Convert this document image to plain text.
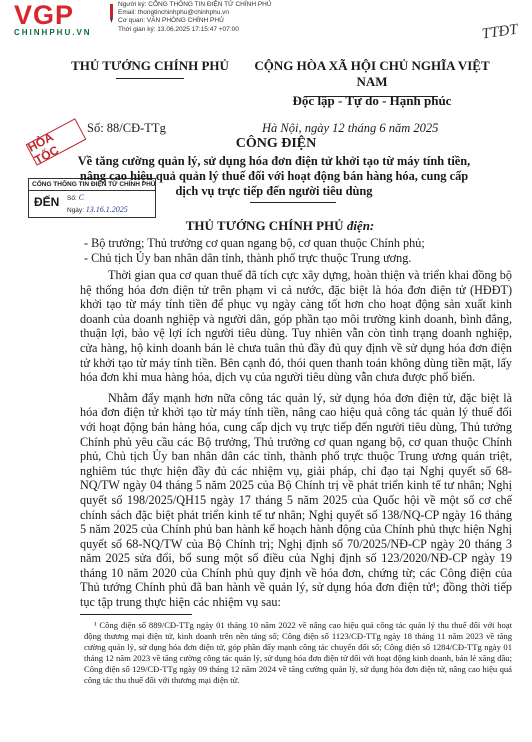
VGP
CHINHPHU.VN
Người ký: CỔNG THÔNG TIN ĐIỆN TỬ CHÍNH PHỦ
Email: thongtinchinhphu@chinhphu.vn
Cơ quan: VĂN PHÒNG CHÍNH PHỦ
Thời gian ký: 13.06.2025 17:15:47 +07:00	TTĐT
THỦ TƯỚNG CHÍNH PHỦ	CỘNG HÒA XÃ HỘI CHỦ NGHĨA VIỆT NAM
Độc lập - Tự do - Hạnh phúc
Số: 88/CĐ-TTg	Hà Nội, ngày 12 tháng 6 năm 2025
HỎA TỐC
CỔNG THÔNG TIN ĐIỆN TỬ CHÍNH PHỦ
ĐẾN Số: C
Ngày: 13.16.1.2025
CÔNG ĐIỆN
Về tăng cường quản lý, sử dụng hóa đơn điện tử khởi tạo từ máy tính tiền,
nâng cao hiệu quả quản lý thuế đối với hoạt động bán hàng hóa, cung cấp
dịch vụ trực tiếp đến người tiêu dùng
THỦ TƯỚNG CHÍNH PHỦ điện:
- Bộ trưởng; Thủ trưởng cơ quan ngang bộ, cơ quan thuộc Chính phủ;
- Chủ tịch Ủy ban nhân dân tỉnh, thành phố trực thuộc Trung ương.

Thời gian qua cơ quan thuế đã tích cực xây dựng, hoàn thiện và triển khai đồng bộ hệ thống hóa đơn điện tử trên phạm vi cả nước, đặc biệt là hóa đơn điện tử (HĐĐT) khởi tạo từ máy tính tiền để phục vụ ngày càng tốt hơn cho hoạt động sản xuất kinh doanh của doanh nghiệp và người dân, góp phần tạo môi trường kinh doanh, bình đẳng, thuận lợi, bảo vệ lợi ích người tiêu dùng. Tuy nhiên vẫn còn tình trạng doanh nghiệp, cửa hàng, hộ kinh doanh bán lẻ chưa tuân thủ đầy đủ quy định về sử dụng hóa đơn điện tử khởi tạo từ máy tính tiền. Bên cạnh đó, thói quen thanh toán không dùng tiền mặt, lấy hóa đơn khi mua hàng hóa, dịch vụ của người tiêu dùng vẫn chưa được phổ biến.

Nhằm đẩy mạnh hơn nữa công tác quản lý, sử dụng hóa đơn điện tử, đặc biệt là hóa đơn điện tử khởi tạo từ máy tính tiền, nâng cao hiệu quả công tác quản lý thuế đối với hoạt động bán hàng hóa, cung cấp dịch vụ trực tiếp đến người tiêu dùng, Thủ tướng Chính phủ yêu cầu các Bộ trưởng, Thủ trưởng cơ quan ngang bộ, cơ quan thuộc Chính phủ, Chủ tịch Ủy ban nhân dân các tỉnh, thành phố trực thuộc Trung ương quán triệt, nghiêm túc thực hiện đầy đủ các nhiệm vụ, giải pháp, chỉ đạo tại Nghị quyết số 68-NQ/TW ngày 04 tháng 5 năm 2025 của Bộ Chính trị về phát triển kinh tế tư nhân; Nghị quyết số 198/2025/QH15 ngày 17 tháng 5 năm 2025 của Quốc hội về một số cơ chế chính sách đặc biệt phát triển kinh tế tư nhân; Nghị quyết số 138/NQ-CP ngày 16 tháng 5 năm 2025 của Chính phủ ban hành kế hoạch hành động của Chính phủ thực hiện Nghị quyết số 68-NQ/TW của Bộ Chính trị; Nghị định số 70/2025/NĐ-CP ngày 20 tháng 3 năm 2025 sửa đổi, bổ sung một số điều của Nghị định số 123/2020/NĐ-CP ngày 19 tháng 10 năm 2020 của Chính phủ quy định về hóa đơn, chứng từ; các Công điện của Thủ tướng Chính phủ đã ban hành về quản lý, sử dụng hóa đơn điện tử¹; đồng thời tiếp tục tập trung thực hiện các nhiệm vụ sau:

¹ Công điện số 889/CĐ-TTg ngày 01 tháng 10 năm 2022 về nâng cao hiệu quả công tác quản lý thu thuế đối với hoạt động thương mại điện tử, kinh doanh trên nền tảng số; Công điện số 1123/CĐ-TTg ngày 18 tháng 11 năm 2023 về tăng cường quản lý, sử dụng hóa đơn điện tử, góp phần đẩy mạnh công tác chuyển đổi số; Công điện số 1284/CĐ-TTg ngày 01 tháng 12 năm 2023 về tăng cường công tác quản lý, sử dụng hóa đơn điện tử đối với hoạt động kinh doanh, bán lẻ xăng dầu; Công điện số 129/CĐ-TTg ngày 09 tháng 12 năm 2024 về tăng cường quản lý, sử dụng hóa đơn điện tử, nâng cao hiệu quả công tác thu thuế đối với thương mại điện tử.
